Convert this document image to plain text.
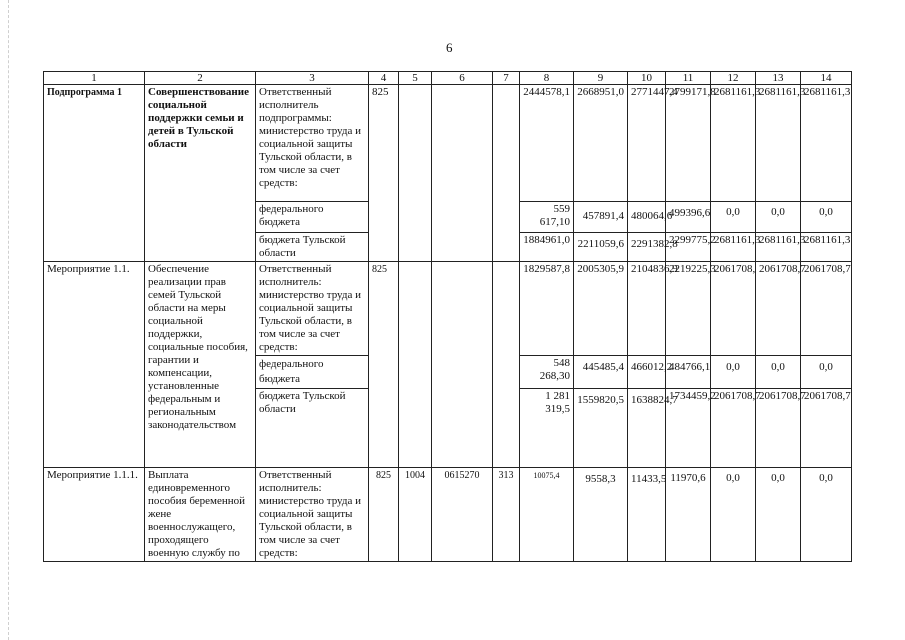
6
1	2	3	4	5	6	7	8	9	10	11	12	13	14
Подпрограмма 1	Совершенствование социальной поддержки семьи и детей в Тульской области	Ответственный исполнитель подпрограммы: министерство труда и социальной защиты Тульской области, в том числе за счет средств:	825				2444578,1	2668951,0	2771447,4	2799171,8	2681161,3	2681161,3	2681161,3
		федерального бюджета					559 617,10	457891,4	480064,6	499396,6	0,0	0,0	0,0
		бюджета Тульской области					1884961,0	2211059,6	2291382,8	2299775,2	2681161,3	2681161,3	2681161,3
Мероприятие 1.1.	Обеспечение реализации прав семей Тульской области на меры социальной поддержки, социальные пособия, гарантии и компенсации, установленные федеральным и региональным законодательством	Ответственный исполнитель: министерство труда и социальной защиты Тульской области, в том числе за счет средств:	825				1829587,8	2005305,9	2104836,9	2219225,3	2061708,	2061708,7	2061708,7
		федерального бюджета					548 268,30	445485,4	466012,2	484766,1	0,0	0,0	0,0
		бюджета Тульской области					1 281 319,5	1559820,5	1638824,7	1734459,2	2061708,7	2061708,7	2061708,7
Мероприятие 1.1.1.	Выплата единовременного пособия беременной жене военнослужащего, проходящего военную службу по	Ответственный исполнитель: министерство труда и социальной защиты Тульской области, в том числе за счет средств:	825	1004	0615270	313	10075,4	9558,3	11433,5	11970,6	0,0	0,0	0,0
